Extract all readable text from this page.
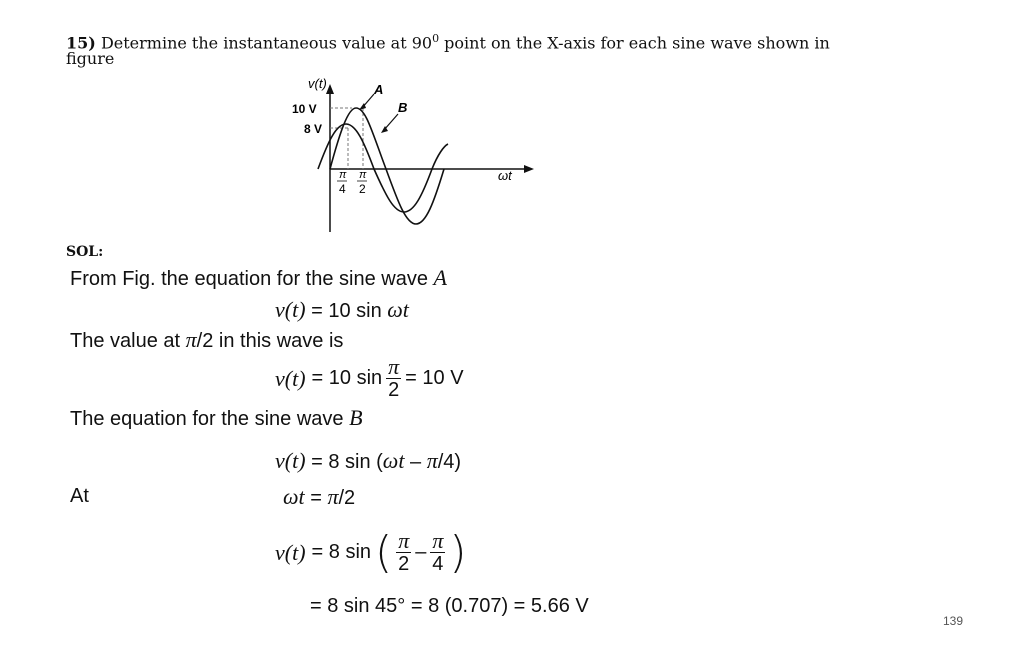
15) Determine the instantaneous value at $90^0$ point on the X-axis for each sine wave shown in
figure
v(t)
10 V
8 V
A
B
ωt
π
4
π
2
SOL:
From Fig. the equation for the sine wave A
v(t) = 10 sin ωt
The value at π/2 in this wave is
v(t) = 10 $\sin \frac{\pi}{2} = 10$ V
The equation for the sine wave B
v(t) = 8 sin (ωt – π/4)
At	ωt = π/2
v(t) = 8 sin ( $\frac{\pi}{2} - \frac{\pi}{4}$ )
= 8 sin 45° = 8 (0.707) = 5.66 V
139
